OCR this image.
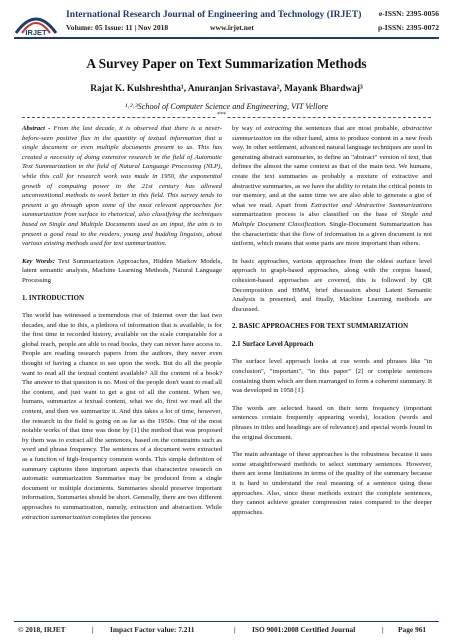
IRJET
International Research Journal of Engineering and Technology (IRJET)
Volume: 05 Issue: 11 | Nov 2018	www.irjet.net
e-ISSN: 2395-0056
p-ISSN: 2395-0072
A Survey Paper on Text Summarization Methods
Rajat K. Kulshreshtha¹, Anuranjan Srivastava², Mayank Bhardwaj³
¹˒²˒³School of Computer Science and Engineering, VIT Vellore
***

Abstract - From the last decade, it is observed that there is a never-before-seen positive flux in the quantity of textual information that a single document or even multiple documents present to us. This has created a necessity of doing extensive research in the field of Automatic Text Summarization in the field of Natural Language Processing (NLP), while this call for research work was made in 1950, the exponential growth of computing power in the 21st century has allowed unconventional methods to work better in this field. This survey tends to present a go through upon some of the most relevant approaches for summarization from surface to rhetorical, also classifying the techniques based on Single and Multiple Documents used as an input, the aim is to present a good read to the readers, young and budding linguists, about various existing methods used for text summarization.

Key Words: Text Summarization Approaches, Hidden Markov Models, latent semantic analysis, Machine Learning Methods, Natural Language Processing

1. INTRODUCTION

The world has witnessed a tremendous rise of Internet over the last two decades, and due to this, a plethora of information that is available, is for the first time in recorded history, available on the scale comparable for a global reach, people are able to read books, they can never have access to. People are reading research papers from the authors, they never even thought of having a chance to see upon the work. But do all the people want to read all the textual content available? All the content of a book? The answer to that question is no. Most of the people don't want to read all the content, and just want to get a gist of all the content. When we, humans, summarize a textual content, what we do, first we read all the content, and then we summarize it. And this takes a lot of time, however, the research in the field is going on as far as the 1950s. One of the most notable works of that time was done by [1] the method that was proposed by them was to extract all the sentences, based on the constraints such as word and phrase frequency. The sentences of a document were extracted as a function of high-frequency common words. This simple definition of summary captures three important aspects that characterize research on automatic summarization Summaries may be produced from a single document or multiple documents. Summaries should preserve important information, Summaries should be short. Generally, there are two different approaches to summarization, namely, extraction and abstraction. While extraction summarization completes the process

by way of extracting the sentences that are most probable, abstractive summarization on the other hand, aims to produce content in a new fresh way. In other settlement, advanced natural language techniques are used in generating abstract summaries, to define an "abstract" version of text, that defines the almost the same context as that of the main text. We humans, create the text summaries as probably a mixture of extractive and abstractive summaries, as we have the ability to retain the critical points in our memory, and at the same time we are also able to generate a gist of what we read. Apart from Extractive and Abstractive Summarizations summarization process is also classified on the base of Single and Multiple Document Classification. Single-Document Summarization has the characteristic that the flow of information in a given document is not uniform, which means that some parts are more important than others.

In basic approaches, various approaches from the oldest surface level approach to graph-based approaches, along with the corpus based, cohesion-based approaches are covered, this is followed by QR Decomposition and HMM, brief discussion about Latent Semantic Analysis is presented, and finally, Machine Learning methods are discussed.

2. BASIC APPROACHES FOR TEXT SUMMARIZATION
2.1 Surface Level Approach

The surface level approach looks at cue words and phrases like "in conclusion", "important", "in this paper" [2] or complete sentences containing them which are then rearranged to form a coherent summary. It was developed in 1958 [1].

The words are selected based on their term frequency (important sentences contain frequently appearing words), location (words and phrases in titles and headings are of relevance) and special words found in the original document.

The main advantage of these approaches is the robustness because it uses some straightforward methods to select summary sentences. However, there are some limitations in terms of the quality of the summary because it is hard to understand the real meaning of a sentence using these approaches. Also, since these methods extract the complete sentences, they cannot achieve greater compression rates compared to the deeper approaches.

© 2018, IRJET	| Impact Factor value: 7.211	| ISO 9001:2008 Certified Journal	| Page 961
